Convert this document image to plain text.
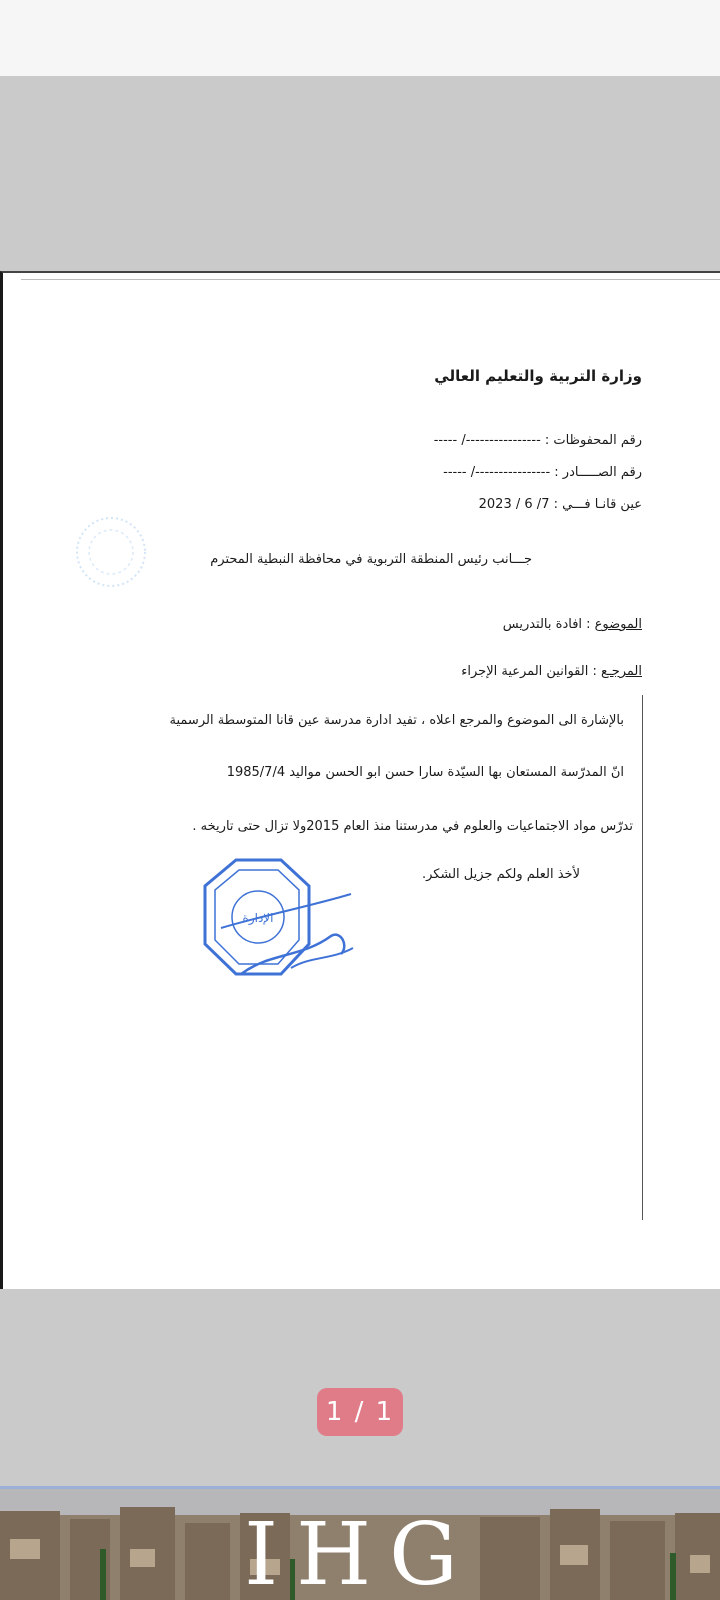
وزارة التربية والتعليم العالي
رقم المحفوظات : ----------------/ -----
رقم الصـــــادر : ----------------/ -----
عين قانـا فـــي : 7/ 6 / 2023
جـــانب رئيس المنطقة التربوية في محافظة النبطية المحترم
الموضوع : افادة بالتدريس
المرجـع : القوانين المرعية الإجراء
بالإشارة الى الموضوع والمرجع اعلاه ، تفيد ادارة مدرسة عين قانا المتوسطة الرسمية
انّ المدرّسة المستعان بها السيّدة سارا حسن ابو الحسن مواليد 1985/7/4
تدرّس مواد الاجتماعيات والعلوم في مدرستنا منذ العام 2015ولا تزال حتى تاريخه .
لأخذ العلم ولكم جزيل الشكر.
الإدارة
1 / 1
IHG
